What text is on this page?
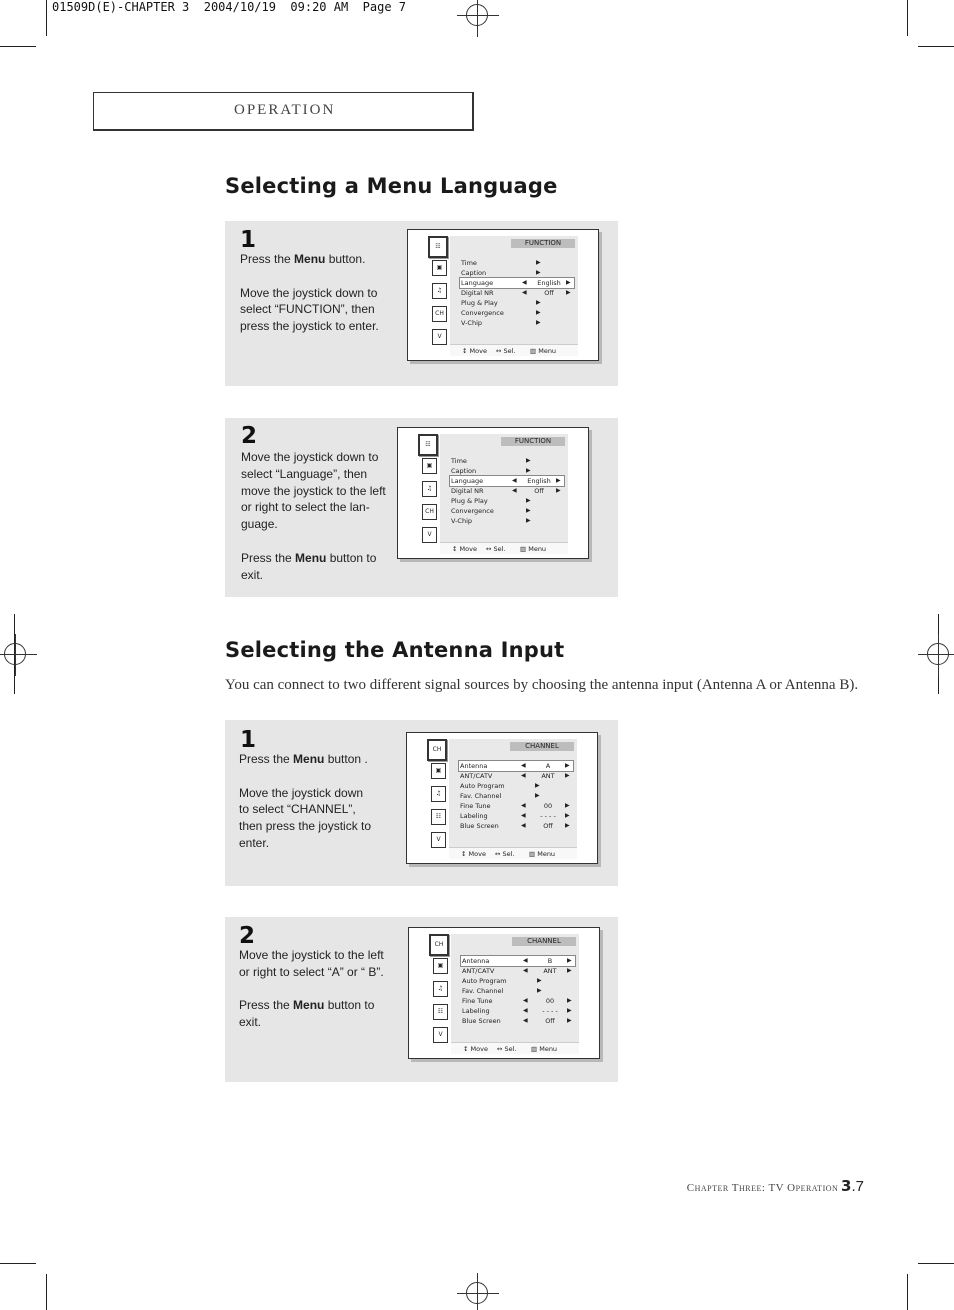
01509D(E)-CHAPTER 3  2004/10/19  09:20 AM  Page 7
OPERATION
Selecting a Menu Language
1

Press the Menu button.

Move the joystick down to select “FUNCTION”, then press the joystick to enter.

☷
▣
♫
CH
V
FUNCTION
Time	▶
Caption	▶
Language	◀	English ▶
Digital NR	◀	Off	▶
Plug & Play	▶
Convergence	▶
V-Chip	▶
↕ Move ↔ Sel. ▥ Menu
2

Move the joystick down to select “Language”, then move the joystick to the left or right to select the lan-guage.

Press the Menu button to exit.

☷
▣
♫
CH
V
FUNCTION
Time	▶
Caption	▶
Language	◀	English ▶
Digital NR	◀	Off	▶
Plug & Play	▶
Convergence	▶
V-Chip	▶
↕ Move ↔ Sel. ▥ Menu
Selecting the Antenna Input
You can connect to two different signal sources by choosing the antenna input (Antenna A or Antenna B).
1

Press the Menu button .

Move the joystick down to select “CHANNEL”, then press the joystick to enter.

CH
▣
♫
☷
V
CHANNEL
Antenna	◀	A	▶
ANT/CATV	◀	ANT	▶
Auto Program	▶
Fav. Channel	▶
Fine Tune	◀	00	▶
Labeling	◀	- - - -	▶
Blue Screen	◀	Off	▶
↕ Move ↔ Sel. ▥ Menu
2

Move the joystick to the left or right to select “A” or “ B”.

Press the Menu button to exit.

CH
▣
♫
☷
V
CHANNEL
Antenna	◀	B	▶
ANT/CATV	◀	ANT	▶
Auto Program	▶
Fav. Channel	▶
Fine Tune	◀	00	▶
Labeling	◀	- - - -	▶
Blue Screen	◀	Off	▶
↕ Move ↔ Sel. ▥ Menu
Chapter Three: TV Operation 3.7
